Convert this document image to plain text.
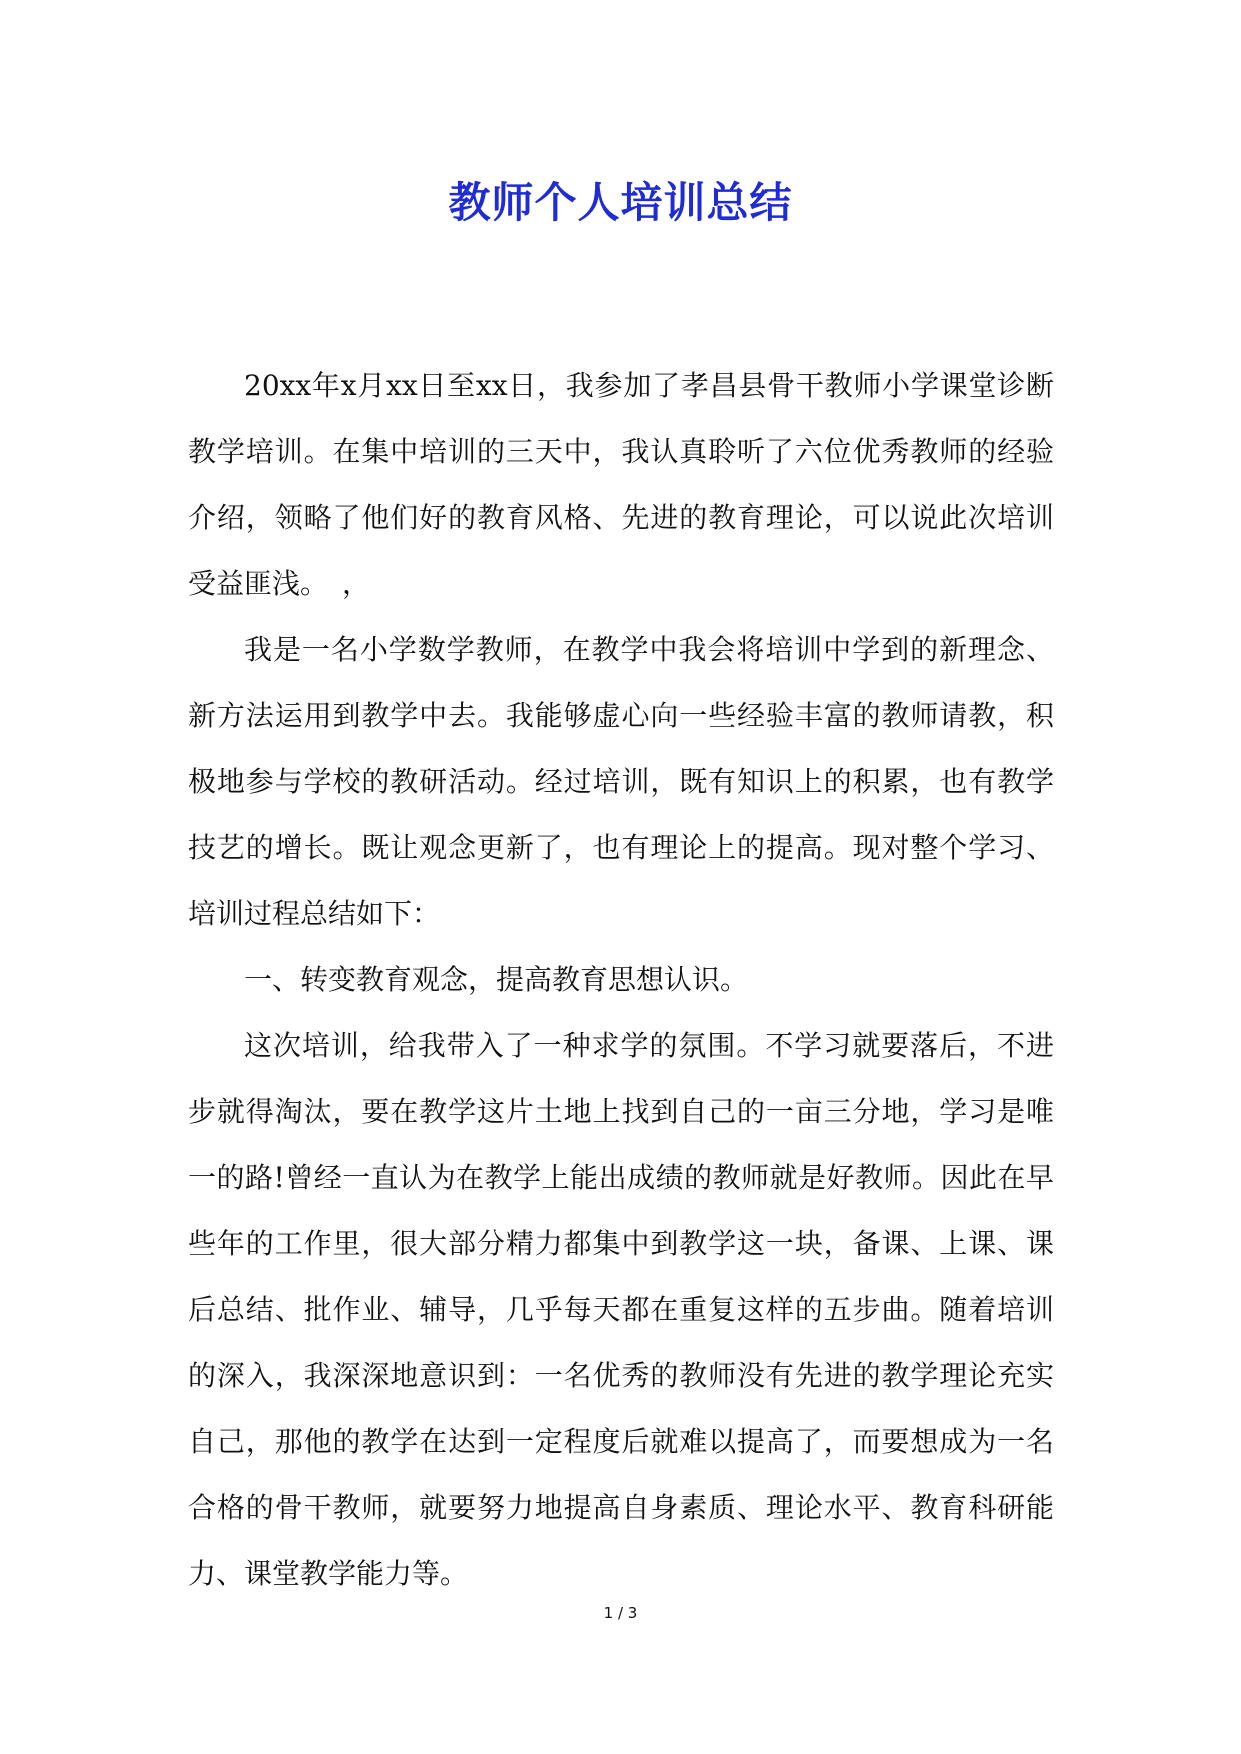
教师个人培训总结

20xx年x月xx日至xx日，我参加了孝昌县骨干教师小学课堂诊断教学培训。在集中培训的三天中，我认真聆听了六位优秀教师的经验介绍，领略了他们好的教育风格、先进的教育理论，可以说此次培训受益匪浅。　，

我是一名小学数学教师，在教学中我会将培训中学到的新理念、新方法运用到教学中去。我能够虚心向一些经验丰富的教师请教，积极地参与学校的教研活动。经过培训，既有知识上的积累，也有教学技艺的增长。既让观念更新了，也有理论上的提高。现对整个学习、培训过程总结如下：

一、转变教育观念，提高教育思想认识。

这次培训，给我带入了一种求学的氛围。不学习就要落后，不进步就得淘汰，要在教学这片土地上找到自己的一亩三分地，学习是唯一的路!曾经一直认为在教学上能出成绩的教师就是好教师。因此在早些年的工作里，很大部分精力都集中到教学这一块，备课、上课、课后总结、批作业、辅导，几乎每天都在重复这样的五步曲。随着培训的深入，我深深地意识到：一名优秀的教师没有先进的教学理论充实自己，那他的教学在达到一定程度后就难以提高了，而要想成为一名合格的骨干教师，就要努力地提高自身素质、理论水平、教育科研能力、课堂教学能力等。

1 / 3
